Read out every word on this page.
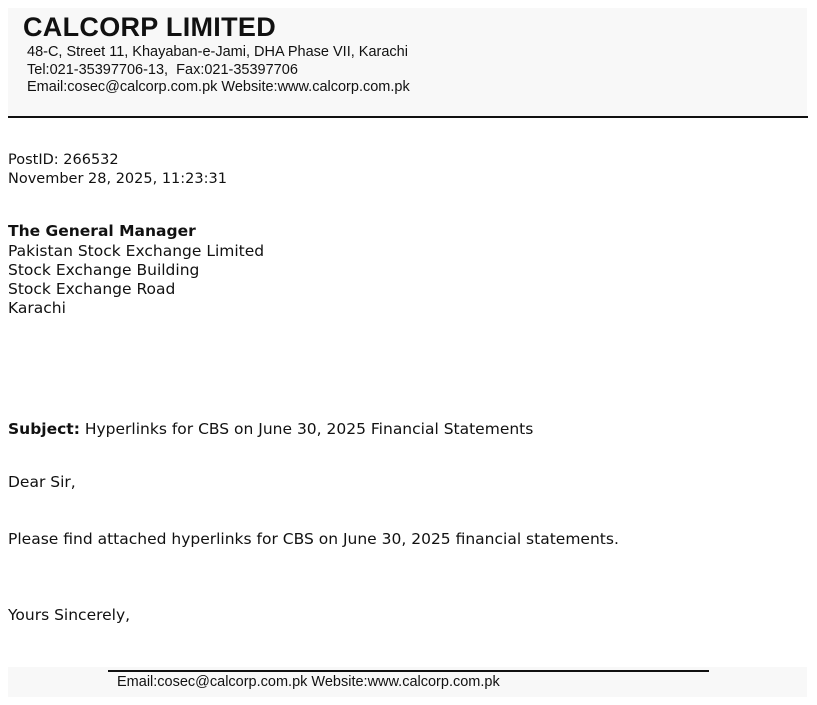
CALCORP LIMITED
48-C, Street 11, Khayaban-e-Jami, DHA Phase VII, Karachi
Tel:021-35397706-13,  Fax:021-35397706
Email:cosec@calcorp.com.pk Website:www.calcorp.com.pk
PostID: 266532
November 28, 2025, 11:23:31
The General Manager
Pakistan Stock Exchange Limited
Stock Exchange Building
Stock Exchange Road
Karachi
Subject: Hyperlinks for CBS on June 30, 2025 Financial Statements
Dear Sir,
Please find attached hyperlinks for CBS on June 30, 2025 financial statements.
Yours Sincerely,
Email:cosec@calcorp.com.pk Website:www.calcorp.com.pk
